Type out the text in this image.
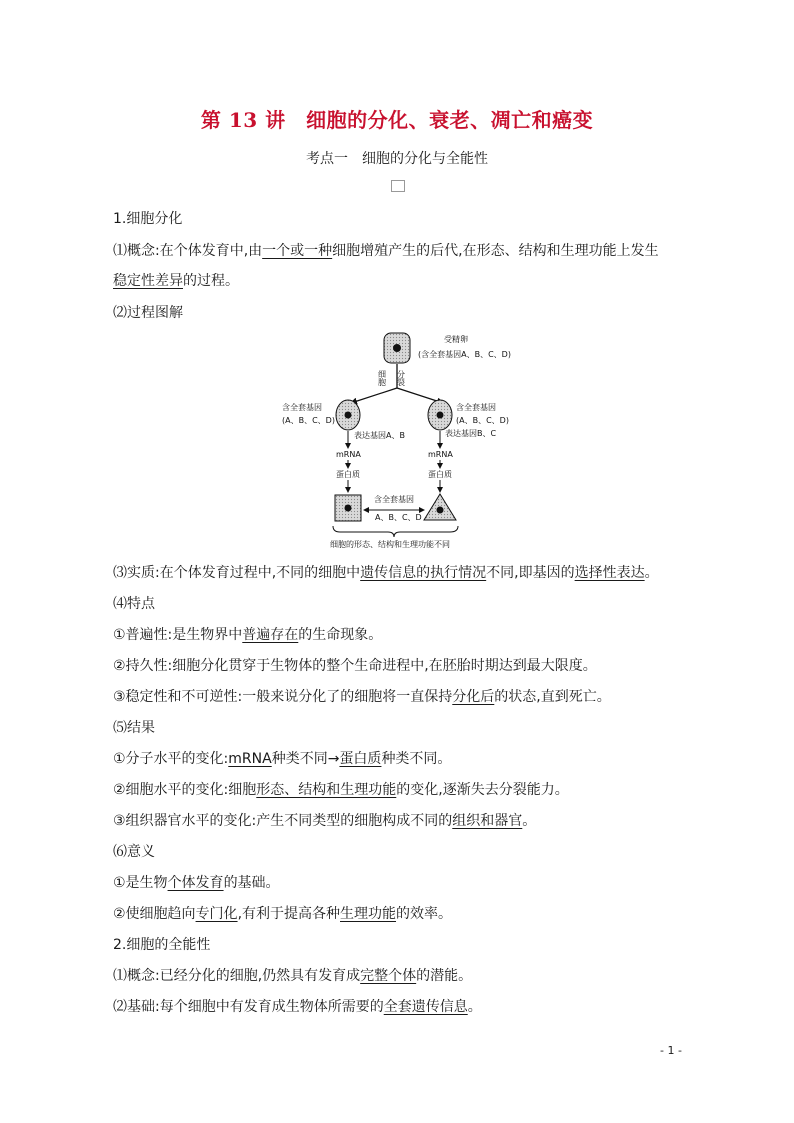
第 13 讲　细胞的分化、衰老、凋亡和癌变
考点一　细胞的分化与全能性
1.细胞分化
⑴概念:在个体发育中,由一个或一种细胞增殖产生的后代,在形态、结构和生理功能上发生
稳定性差异的过程。
⑵过程图解
受精卵
(含全套基因A、B、C、D)
细胞 分裂
含全套基因
(A、B、C、D)
含全套基因
(A、B、C、D)
表达基因A、B	表达基因B、C
mRNA	mRNA
蛋白质	蛋白质
含全套基因
A、B、C、D
细胞的形态、结构和生理功能不同
⑶实质:在个体发育过程中,不同的细胞中遗传信息的执行情况不同,即基因的选择性表达。
⑷特点
①普遍性:是生物界中普遍存在的生命现象。
②持久性:细胞分化贯穿于生物体的整个生命进程中,在胚胎时期达到最大限度。
③稳定性和不可逆性:一般来说分化了的细胞将一直保持分化后的状态,直到死亡。
⑸结果
①分子水平的变化:mRNA种类不同→蛋白质种类不同。
②细胞水平的变化:细胞形态、结构和生理功能的变化,逐渐失去分裂能力。
③组织器官水平的变化:产生不同类型的细胞构成不同的组织和器官。
⑹意义
①是生物个体发育的基础。
②使细胞趋向专门化,有利于提高各种生理功能的效率。
2.细胞的全能性
⑴概念:已经分化的细胞,仍然具有发育成完整个体的潜能。
⑵基础:每个细胞中有发育成生物体所需要的全套遗传信息。
- 1 -
